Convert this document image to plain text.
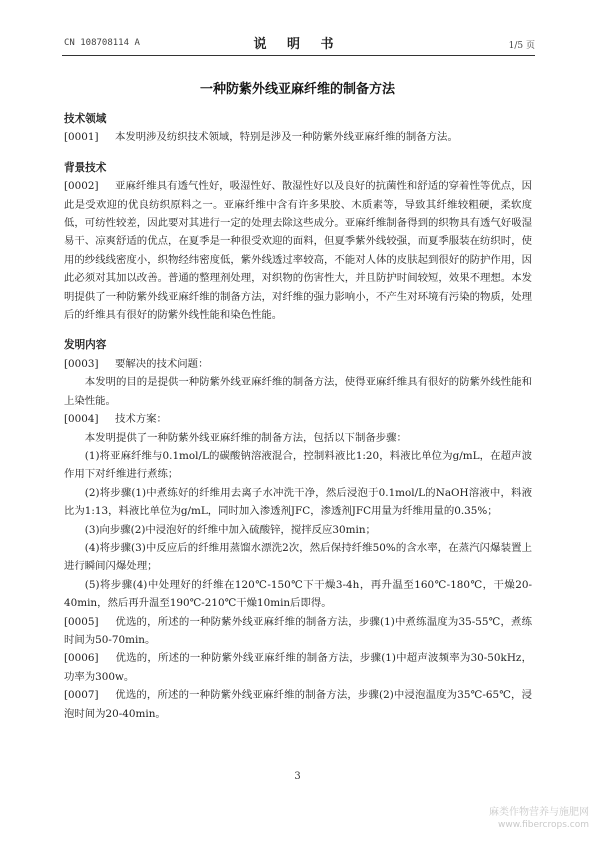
CN 108708114 A	说 明 书	1/5 页
一种防紫外线亚麻纤维的制备方法
技术领域
[0001]　 本发明涉及纺织技术领域，特别是涉及一种防紫外线亚麻纤维的制备方法。
背景技术
[0002]　 亚麻纤维具有透气性好，吸湿性好、散湿性好以及良好的抗菌性和舒适的穿着性等优点，因此是受欢迎的优良纺织原料之一。亚麻纤维中含有许多果胶、木质素等，导致其纤维较粗硬，柔软度低，可纺性较差，因此要对其进行一定的处理去除这些成分。亚麻纤维制备得到的织物具有透气好吸湿易干、凉爽舒适的优点，在夏季是一种很受欢迎的面料，但夏季紫外线较强，而夏季服装在纺织时，使用的纱线线密度小，织物经纬密度低，紫外线透过率较高，不能对人体的皮肤起到很好的防护作用，因此必须对其加以改善。普通的整理剂处理，对织物的伤害性大，并且防护时间较短，效果不理想。本发明提供了一种防紫外线亚麻纤维的制备方法，对纤维的强力影响小，不产生对环境有污染的物质，处理后的纤维具有很好的防紫外线性能和染色性能。
发明内容
[0003]　 要解决的技术问题：
本发明的目的是提供一种防紫外线亚麻纤维的制备方法，使得亚麻纤维具有很好的防紫外线性能和上染性能。
[0004]　 技术方案：
本发明提供了一种防紫外线亚麻纤维的制备方法，包括以下制备步骤：
(1)将亚麻纤维与0.1mol/L的碳酸钠溶液混合，控制料液比1:20，料液比单位为g/mL，在超声波作用下对纤维进行煮练；
(2)将步骤(1)中煮练好的纤维用去离子水冲洗干净，然后浸泡于0.1mol/L的NaOH溶液中，料液比为1:13，料液比单位为g/mL，同时加入渗透剂JFC，渗透剂JFC用量为纤维用量的0.35%；
(3)向步骤(2)中浸泡好的纤维中加入硫酸锌，搅拌反应30min；
(4)将步骤(3)中反应后的纤维用蒸馏水漂洗2次，然后保持纤维50%的含水率，在蒸汽闪爆装置上进行瞬间闪爆处理；
(5)将步骤(4)中处理好的纤维在120℃-150℃下干燥3-4h，再升温至160℃-180℃，干燥20-40min，然后再升温至190℃-210℃干燥10min后即得。
[0005]　 优选的，所述的一种防紫外线亚麻纤维的制备方法，步骤(1)中煮练温度为35-55℃，煮练时间为50-70min。
[0006]　 优选的，所述的一种防紫外线亚麻纤维的制备方法，步骤(1)中超声波频率为30-50kHz，功率为300w。
[0007]　 优选的，所述的一种防紫外线亚麻纤维的制备方法，步骤(2)中浸泡温度为35℃-65℃，浸泡时间为20-40min。
3
麻类作物营养与施肥网
www.fibercrops.com
